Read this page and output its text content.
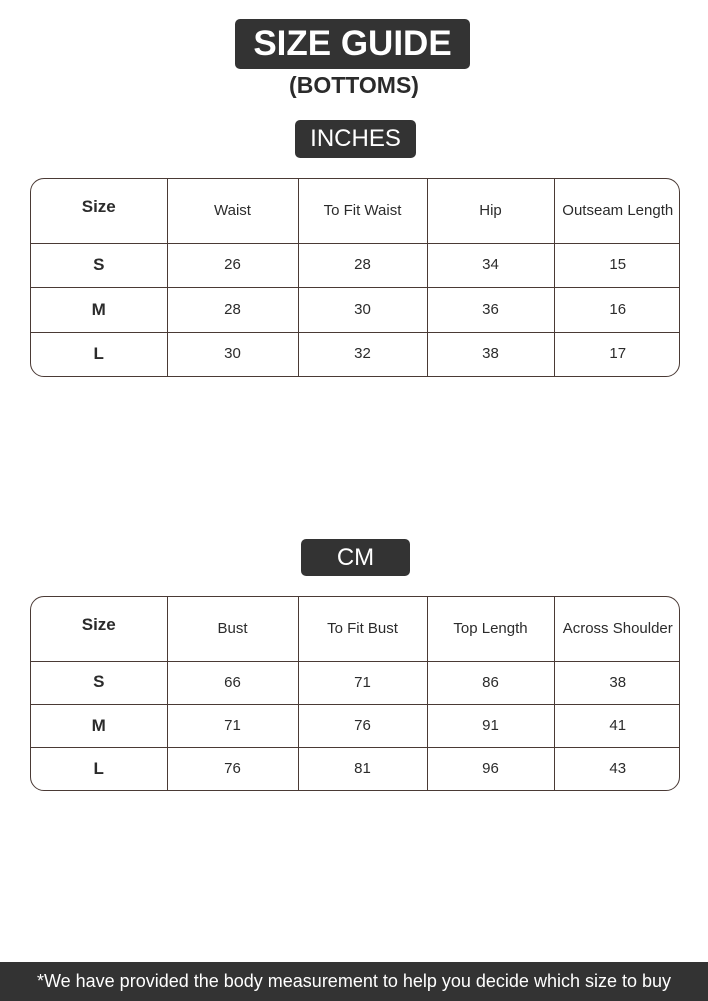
SIZE GUIDE
(BOTTOMS)
INCHES
Size	Waist	To Fit Waist	Hip	Outseam Length
S	26	28	34	15
M	28	30	36	16
L	30	32	38	17
CM
Size	Bust	To Fit Bust	Top Length	Across Shoulder
S	66	71	86	38
M	71	76	91	41
L	76	81	96	43
*We have provided the body measurement to help you decide which size to buy
